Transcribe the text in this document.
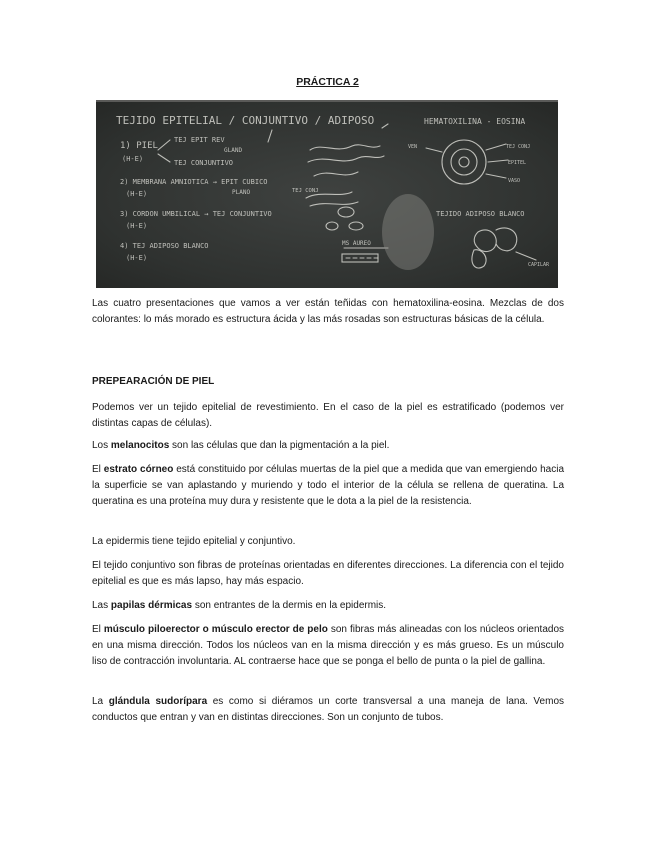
PRÁCTICA 2
TEJIDO EPITELIAL / CONJUNTIVO / ADIPOSO
1) PIEL
(H-E)
TEJ EPIT REV
GLAND
TEJ CONJUNTIVO
2) MEMBRANA AMNIOTICA → EPIT CUBICO
(H-E)	PLANO
3) CORDON UMBILICAL → TEJ CONJUNTIVO
(H-E)
4) TEJ ADIPOSO BLANCO
(H-E)
MS AUREO
TEJ CONJ
HEMATOXILINA - EOSINA
TEJ CONJ
EPITEL
VASO
VEN
TEJIDO ADIPOSO BLANCO
CAPILAR

Las cuatro presentaciones que vamos a ver están teñidas con hematoxilina-eosina. Mezclas de dos colorantes: lo más morado es estructura ácida y las más rosadas son estructuras básicas de la célula.

PREPEARACIÓN DE PIEL

Podemos ver un tejido epitelial de revestimiento. En el caso de la piel es estratificado (podemos ver distintas capas de células).

Los melanocitos son las células que dan la pigmentación a la piel.

El estrato córneo está constituido por células muertas de la piel que a medida que van emergiendo hacia la superficie se van aplastando y muriendo y todo el interior de la célula se rellena de queratina. La queratina es una proteína muy dura y resistente que le dota a la piel de la resistencia.

La epidermis tiene tejido epitelial y conjuntivo.

El tejido conjuntivo son fibras de proteínas orientadas en diferentes direcciones. La diferencia con el tejido epitelial es que es más lapso, hay más espacio.

Las papilas dérmicas son entrantes de la dermis en la epidermis.

El músculo piloerector o músculo erector de pelo son fibras más alineadas con los núcleos orientados en una misma dirección. Todos los núcleos van en la misma dirección y es más grueso. Es un músculo liso de contracción involuntaria. AL contraerse hace que se ponga el bello de punta o la piel de gallina.

La glándula sudorípara es como si diéramos un corte transversal a una maneja de lana. Vemos conductos que entran y van en distintas direcciones. Son un conjunto de tubos.
